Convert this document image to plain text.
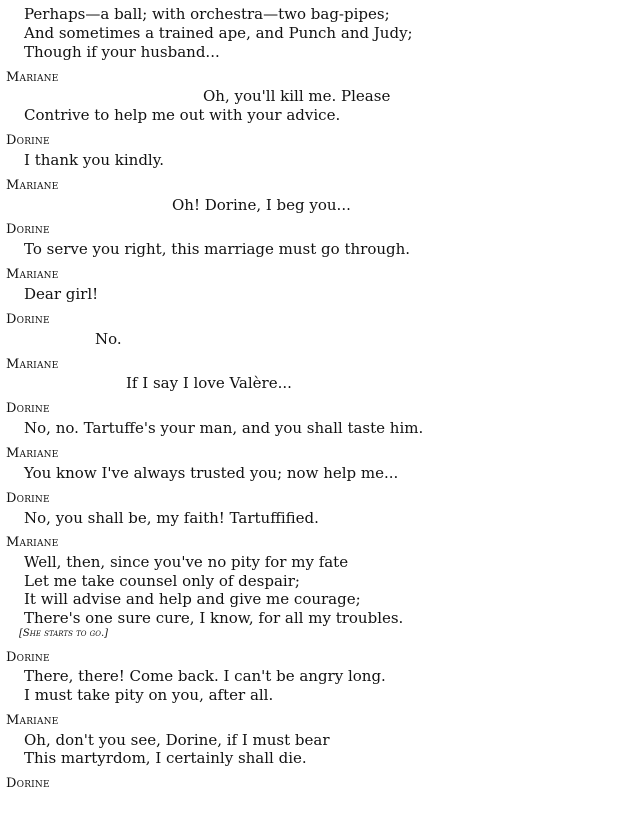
Perhaps—a ball; with orchestra—two bag-pipes;
And sometimes a trained ape, and Punch and Judy;
Though if your husband...
Mariane
Oh, you'll kill me. Please
Contrive to help me out with your advice.
Dorine
I thank you kindly.
Mariane
Oh! Dorine, I beg you...
Dorine
To serve you right, this marriage must go through.
Mariane
Dear girl!
Dorine
No.
Mariane
If I say I love Valère...
Dorine
No, no. Tartuffe's your man, and you shall taste him.
Mariane
You know I've always trusted you; now help me...
Dorine
No, you shall be, my faith! Tartuffified.
Mariane
Well, then, since you've no pity for my fate
Let me take counsel only of despair;
It will advise and help and give me courage;
There's one sure cure, I know, for all my troubles.
[She starts to go.]
Dorine
There, there! Come back. I can't be angry long.
I must take pity on you, after all.
Mariane
Oh, don't you see, Dorine, if I must bear
This martyrdom, I certainly shall die.
Dorine
